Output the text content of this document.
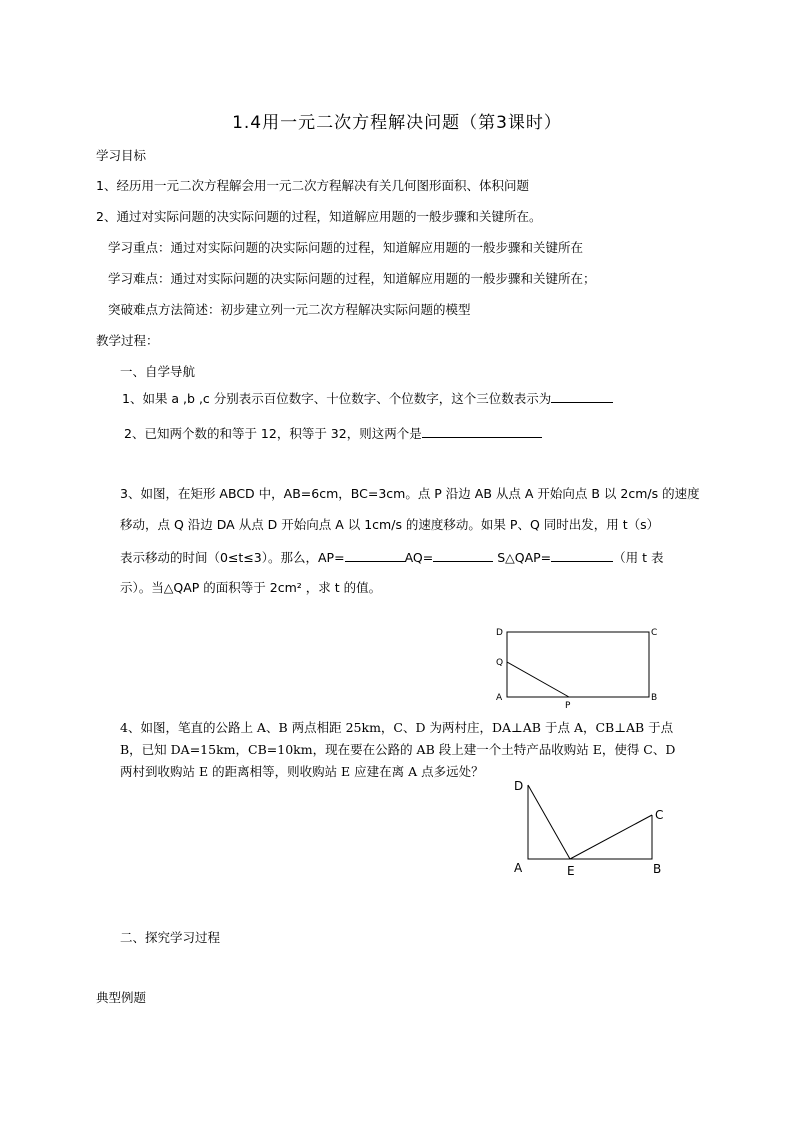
1.4用一元二次方程解决问题（第3课时）
学习目标
1、经历用一元二次方程解会用一元二次方程解决有关几何图形面积、体积问题
2、通过对实际问题的决实际问题的过程，知道解应用题的一般步骤和关键所在。
学习重点：通过对实际问题的决实际问题的过程，知道解应用题的一般步骤和关键所在
学习难点：通过对实际问题的决实际问题的过程，知道解应用题的一般步骤和关键所在；
突破难点方法简述：初步建立列一元二次方程解决实际问题的模型
教学过程：
一、自学导航
1、如果 a ,b ,c 分别表示百位数字、十位数字、个位数字，这个三位数表示为
2、已知两个数的和等于 12，积等于 32，则这两个是
3、如图，在矩形 ABCD 中，AB=6cm，BC=3cm。点 P 沿边 AB 从点 A 开始向点 B 以 2cm/s 的速度
移动，点 Q 沿边 DA 从点 D 开始向点 A 以 1cm/s 的速度移动。如果 P、Q 同时出发，用 t（s）
表示移动的时间（0≤t≤3）。那么，AP=	AQ=	S△QAP=	（用 t 表
示）。当△QAP 的面积等于 2cm² ，求 t 的值。
D	C
Q
A
P
B
4、如图，笔直的公路上 A、B 两点相距 25km，C、D 为两村庄，DA⊥AB 于点 A，CB⊥AB 于点
B，已知 DA=15km，CB=10km，现在要在公路的 AB 段上建一个土特产品收购站 E，使得 C、D
两村到收购站 E 的距离相等，则收购站 E 应建在离 A 点多远处？
D
C
A	E	B
二、探究学习过程
典型例题
